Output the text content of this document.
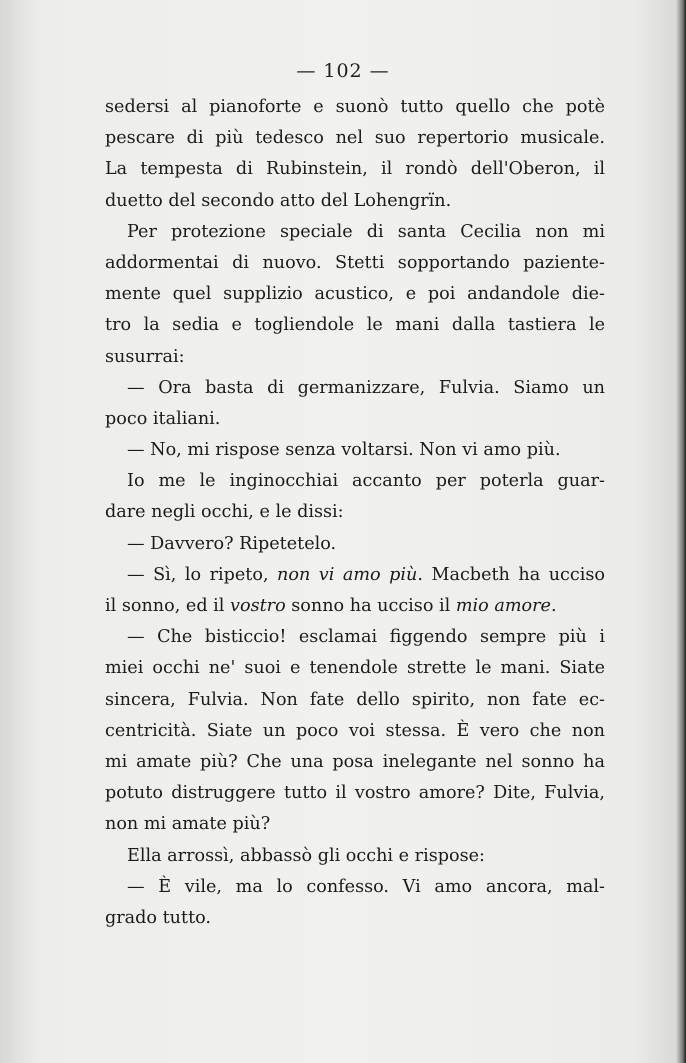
— 102 —
sedersi al pianoforte e suonò tutto quello che potè
pescare di più tedesco nel suo repertorio musicale.
La tempesta di Rubinstein, il rondò dell'Oberon, il
duetto del secondo atto del Lohengrïn.
Per protezione speciale di santa Cecilia non mi
addormentai di nuovo. Stetti sopportando paziente-
mente quel supplizio acustico, e poi andandole die-
tro la sedia e togliendole le mani dalla tastiera le
susurrai:
— Ora basta di germanizzare, Fulvia. Siamo un
poco italiani.
— No, mi rispose senza voltarsi. Non vi amo più.
Io me le inginocchiai accanto per poterla guar-
dare negli occhi, e le dissi:
— Davvero? Ripetetelo.
— Sì, lo ripeto, non vi amo più. Macbeth ha ucciso
il sonno, ed il vostro sonno ha ucciso il mio amore.
— Che bisticcio! esclamai figgendo sempre più i
miei occhi ne' suoi e tenendole strette le mani. Siate
sincera, Fulvia. Non fate dello spirito, non fate ec-
centricità. Siate un poco voi stessa. È vero che non
mi amate più? Che una posa inelegante nel sonno ha
potuto distruggere tutto il vostro amore? Dite, Fulvia,
non mi amate più?
Ella arrossì, abbassò gli occhi e rispose:
— È vile, ma lo confesso. Vi amo ancora, mal-
grado tutto.
